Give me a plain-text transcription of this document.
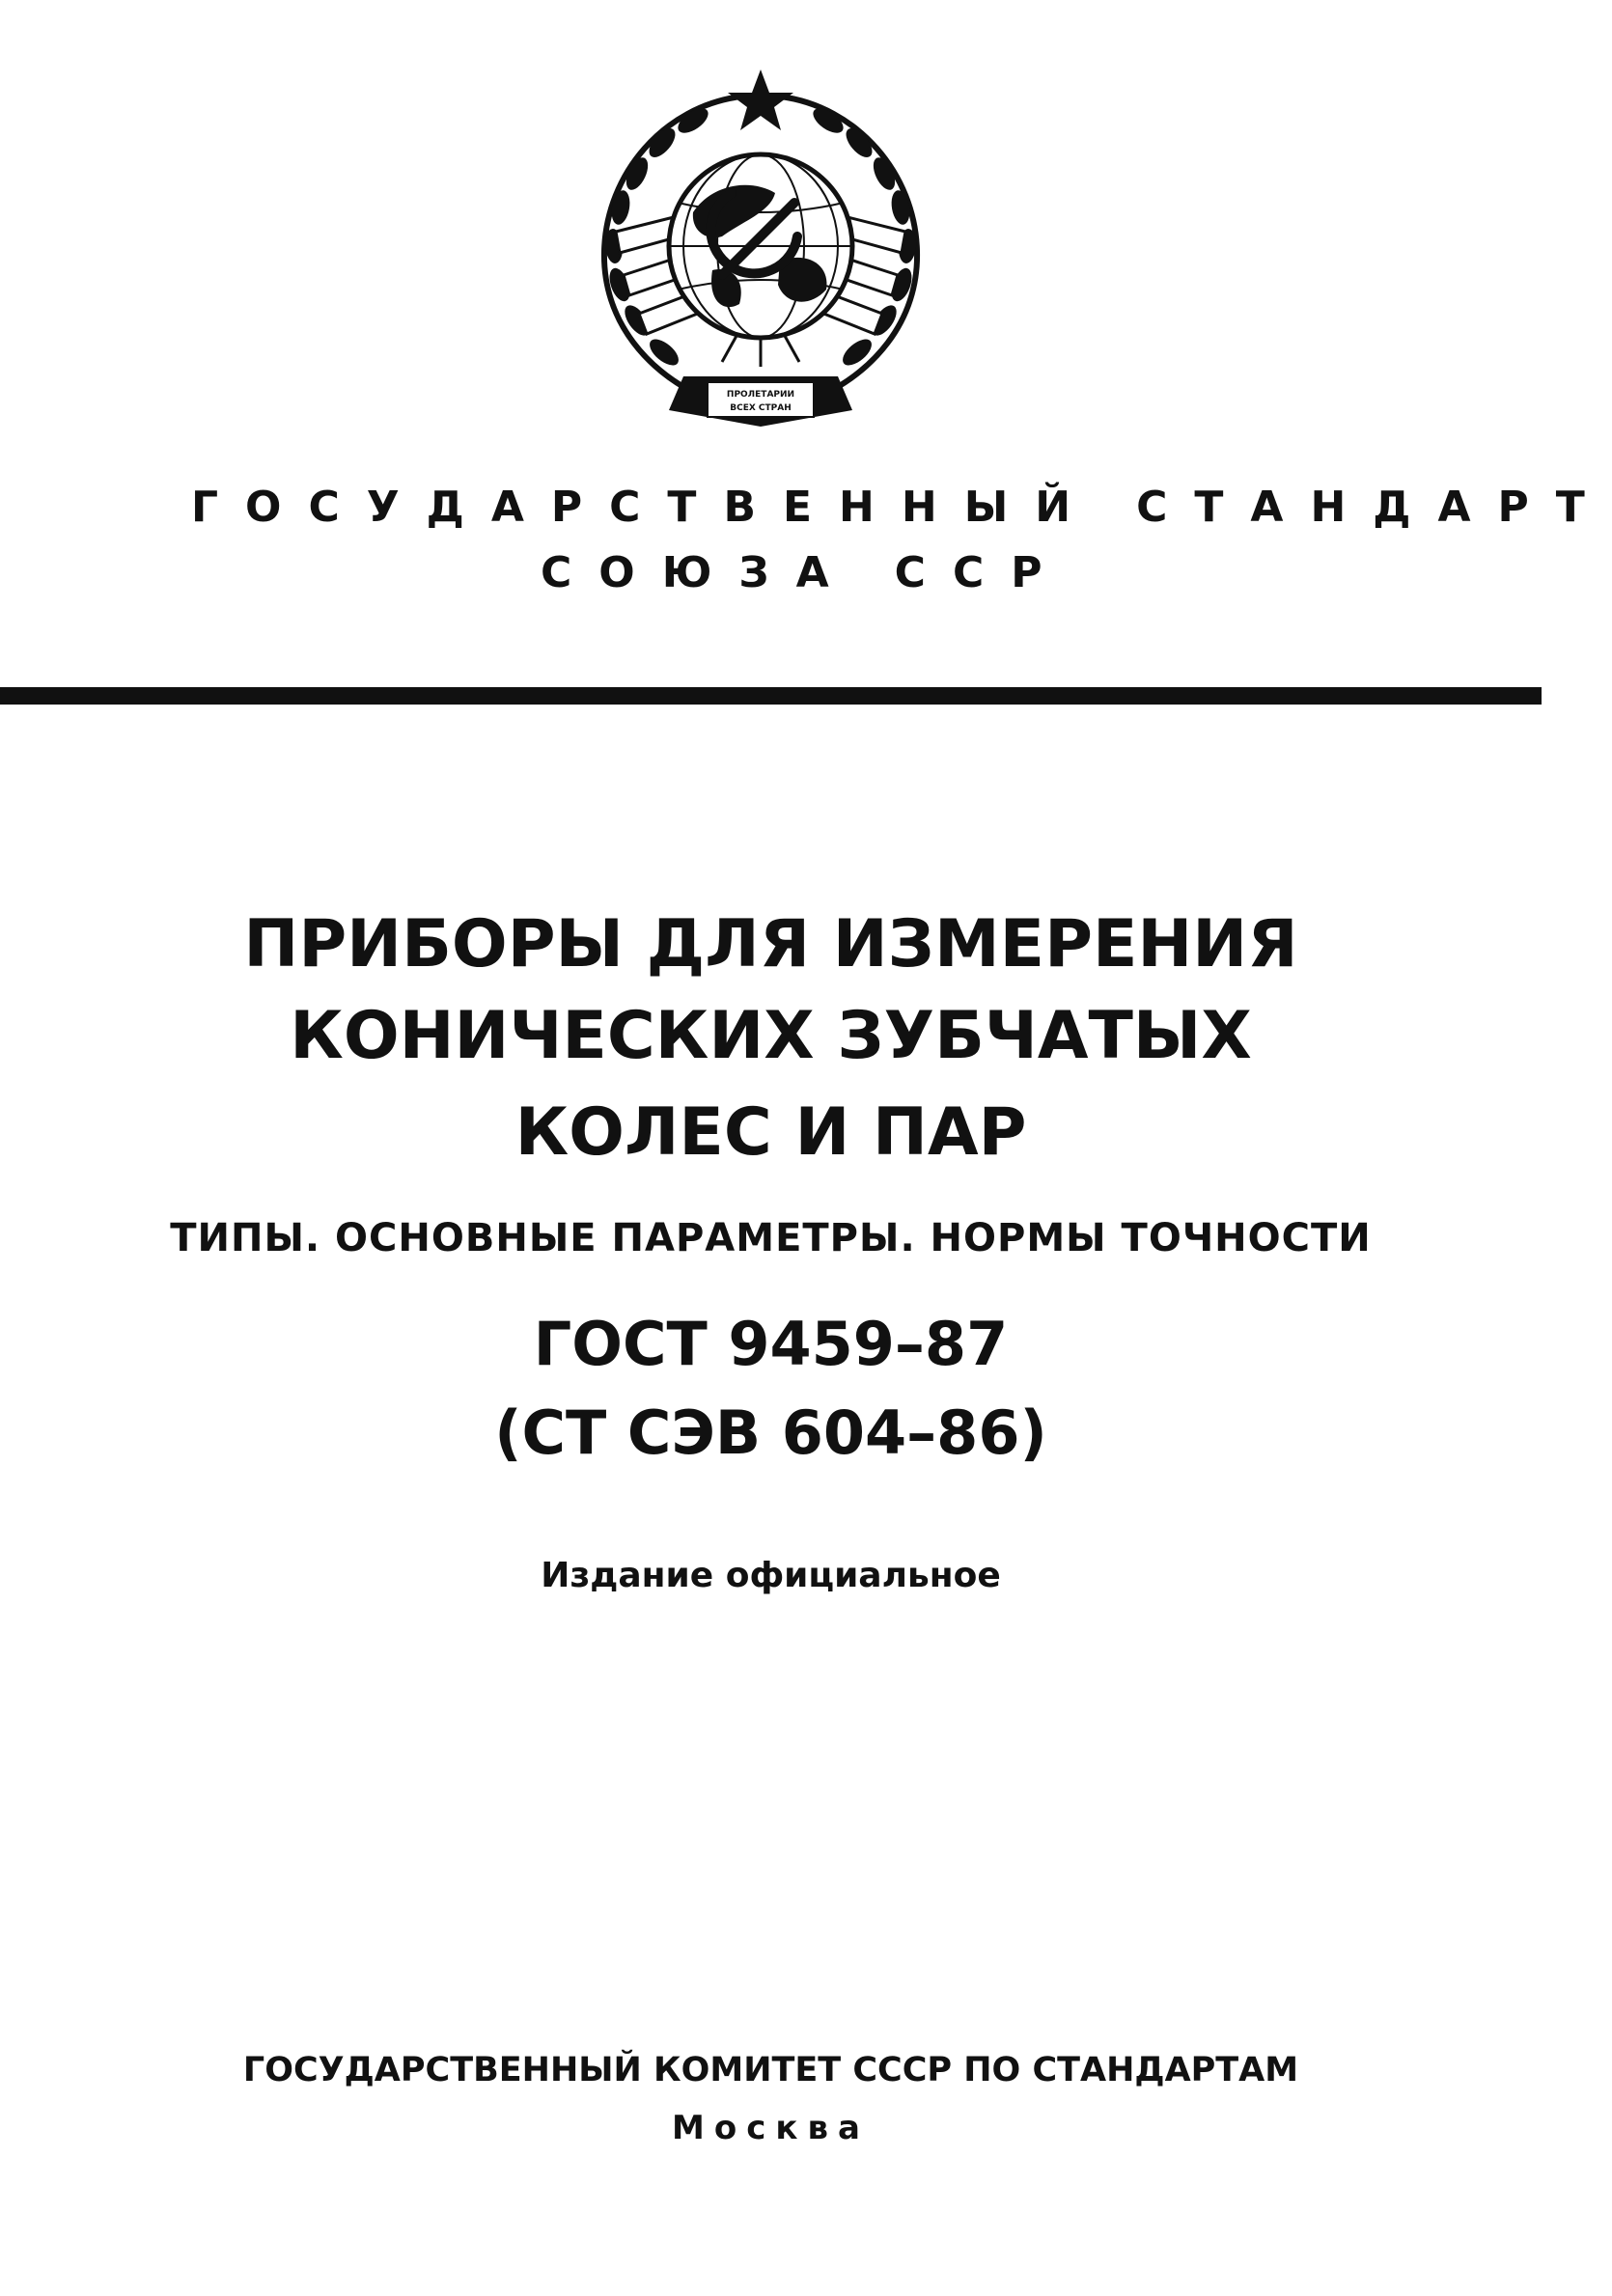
ПРОЛЕТАРИИ
ВСЕХ СТРАН
ГОСУДАРСТВЕННЫЙ СТАНДАРТ
СОЮЗА ССР
ПРИБОРЫ ДЛЯ ИЗМЕРЕНИЯ
КОНИЧЕСКИХ ЗУБЧАТЫХ
КОЛЕС И ПАР
ТИПЫ. ОСНОВНЫЕ ПАРАМЕТРЫ. НОРМЫ ТОЧНОСТИ
ГОСТ 9459–87
(СТ СЭВ 604–86)
Издание официальное
ГОСУДАРСТВЕННЫЙ КОМИТЕТ СССР ПО СТАНДАРТАМ
Москва
